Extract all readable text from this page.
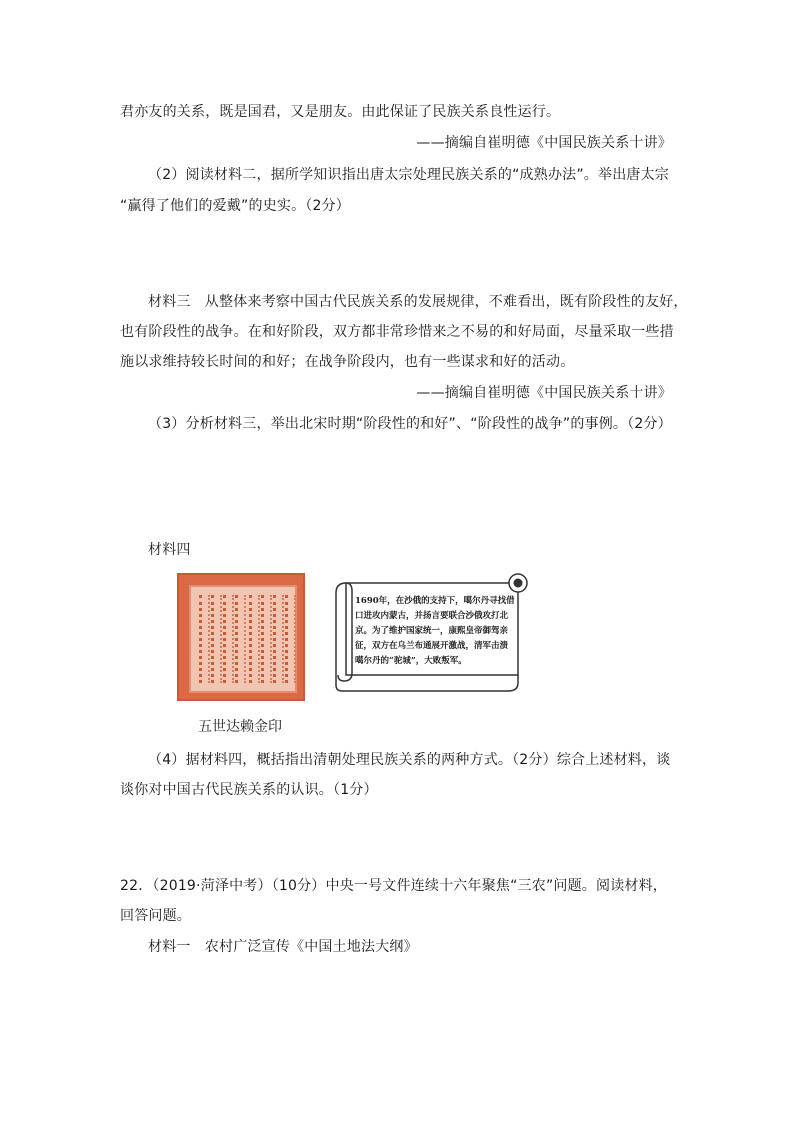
君亦友的关系，既是国君，又是朋友。由此保证了民族关系良性运行。
——摘编自崔明德《中国民族关系十讲》
（2）阅读材料二，据所学知识指出唐太宗处理民族关系的“成熟办法”。举出唐太宗
“赢得了他们的爱戴”的史实。（2分）
材料三　从整体来考察中国古代民族关系的发展规律，不难看出，既有阶段性的友好，
也有阶段性的战争。在和好阶段，双方都非常珍惜来之不易的和好局面，尽量采取一些措
施以求维持较长时间的和好；在战争阶段内，也有一些谋求和好的活动。
——摘编自崔明德《中国民族关系十讲》
（3）分析材料三，举出北宋时期“阶段性的和好”、“阶段性的战争”的事例。（2分）
材料四
五世达赖金印
1690年，在沙俄的支持下，噶尔丹寻找借口进攻内蒙古，并扬言要联合沙俄攻打北京。为了维护国家统一，康熙皇帝御驾亲征，双方在乌兰布通展开激战，清军击溃噶尔丹的“驼城”，大败叛军。
（4）据材料四，概括指出清朝处理民族关系的两种方式。（2分）综合上述材料，谈
谈你对中国古代民族关系的认识。（1分）
22．（2019·菏泽中考）（10分）中央一号文件连续十六年聚焦“三农”问题。阅读材料，
回答问题。
材料一　农村广泛宣传《中国土地法大纲》
